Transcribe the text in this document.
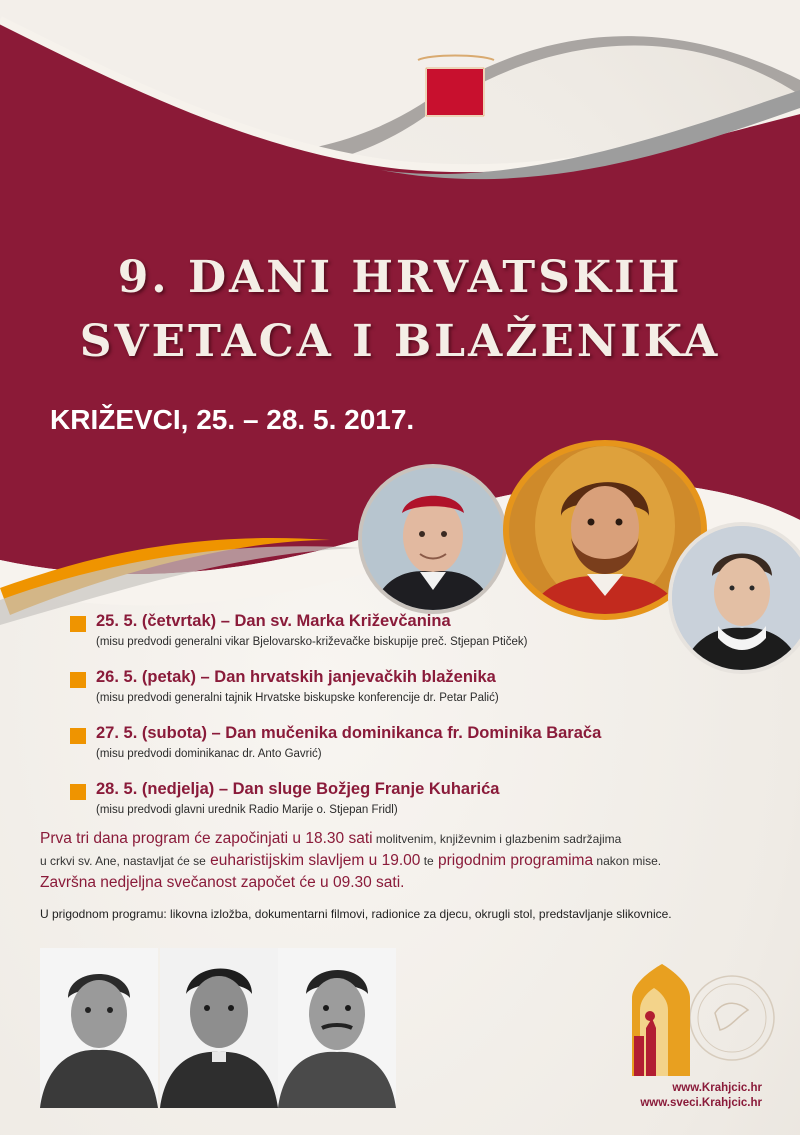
9. DANI HRVATSKIH
SVETACA I BLAŽENIKA
KRIŽEVCI, 25. – 28. 5. 2017.
25. 5. (četvrtak) – Dan sv. Marka Križevčanina
(misu predvodi generalni vikar Bjelovarsko-križevačke biskupije preč. Stjepan Ptiček)
26. 5. (petak) – Dan hrvatskih janjevačkih blaženika
(misu predvodi generalni tajnik Hrvatske biskupske konferencije dr. Petar Palić)
27. 5. (subota) – Dan mučenika dominikanca fr. Dominika Barača
(misu predvodi dominikanac dr. Anto Gavrić)
28. 5. (nedjelja) – Dan sluge Božjeg Franje Kuharića
(misu predvodi glavni urednik Radio Marije o. Stjepan Fridl)
Prva tri dana program će započinjati u 18.30 sati molitvenim, književnim i glazbenim sadržajima
u crkvi sv. Ane, nastavljat će se euharistijskim slavljem u 19.00 te prigodnim programima nakon mise.
Završna nedjeljna svečanost započet će u 09.30 sati.
U prigodnom programu: likovna izložba, dokumentarni filmovi, radionice za djecu, okrugli stol, predstavljanje slikovnice.
www.Krahjcic.hr
www.sveci.Krahjcic.hr
